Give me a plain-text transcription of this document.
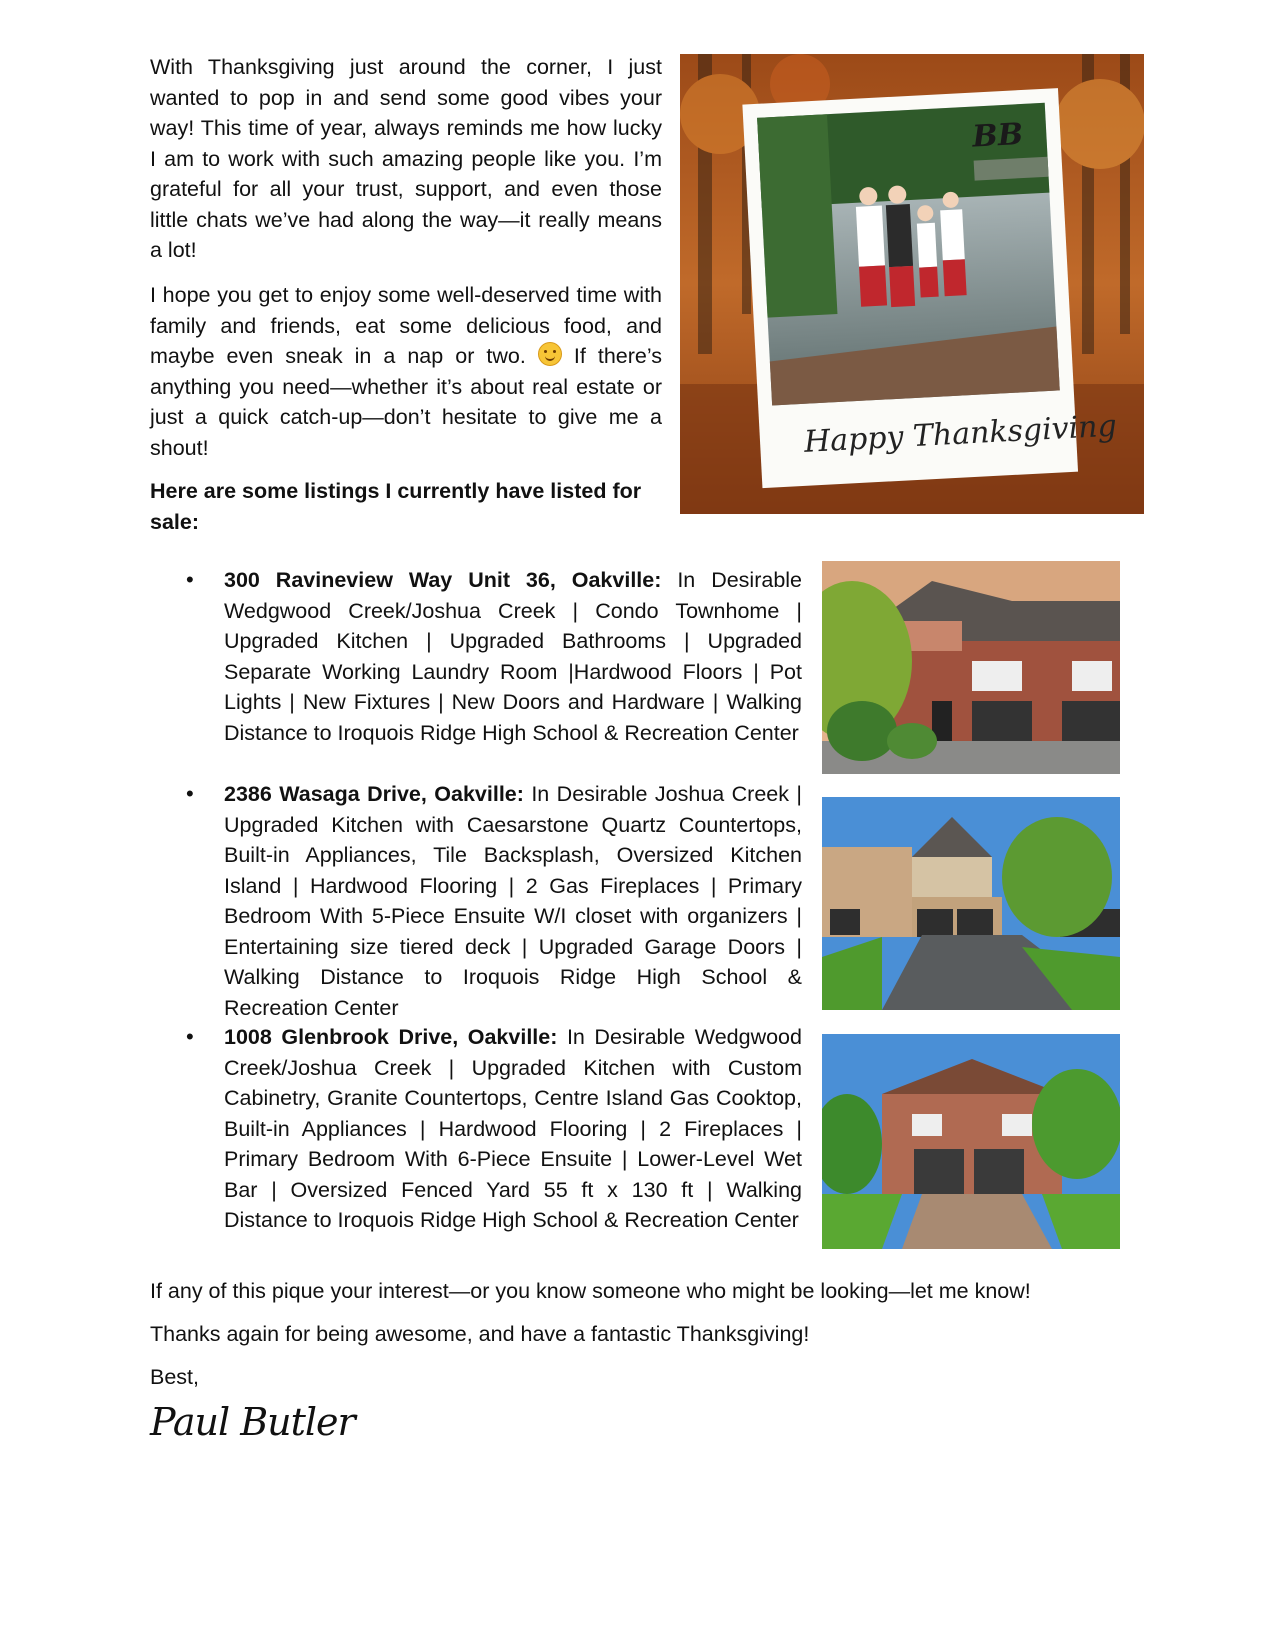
With Thanksgiving just around the corner, I just wanted to pop in and send some good vibes your way! This time of year, always reminds me how lucky I am to work with such amazing people like you. I’m grateful for all your trust, support, and even those little chats we’ve had along the way—it really means a lot!

I hope you get to enjoy some well-deserved time with family and friends, eat some delicious food, and maybe even sneak in a nap or two.  If there’s anything you need—whether it’s about real estate or just a quick catch-up—don’t hesitate to give me a shout!

Here are some listings I currently have listed for sale:

BB
Happy Thanksgiving
• 300 Ravineview Way Unit 36, Oakville: In Desirable Wedgwood Creek/Joshua Creek | Condo Townhome | Upgraded Kitchen | Upgraded Bathrooms | Upgraded Separate Working Laundry Room |Hardwood Floors | Pot Lights | New Fixtures | New Doors and Hardware | Walking Distance to Iroquois Ridge High School & Recreation Center
• 2386 Wasaga Drive, Oakville: In Desirable Joshua Creek | Upgraded Kitchen with Caesarstone Quartz Countertops, Built-in Appliances, Tile Backsplash, Oversized Kitchen Island | Hardwood Flooring | 2 Gas Fireplaces | Primary Bedroom With 5-Piece Ensuite W/I closet with organizers | Entertaining size tiered deck | Upgraded Garage Doors | Walking Distance to Iroquois Ridge High School & Recreation Center
• 1008 Glenbrook Drive, Oakville: In Desirable Wedgwood Creek/Joshua Creek | Upgraded Kitchen with Custom Cabinetry, Granite Countertops, Centre Island Gas Cooktop, Built-in Appliances | Hardwood Flooring | 2 Fireplaces | Primary Bedroom With 6-Piece Ensuite | Lower-Level Wet Bar | Oversized Fenced Yard 55 ft x 130 ft | Walking Distance to Iroquois Ridge High School & Recreation Center
If any of this pique your interest—or you know someone who might be looking—let me know!
Thanks again for being awesome, and have a fantastic Thanksgiving!
Best,
Paul Butler
